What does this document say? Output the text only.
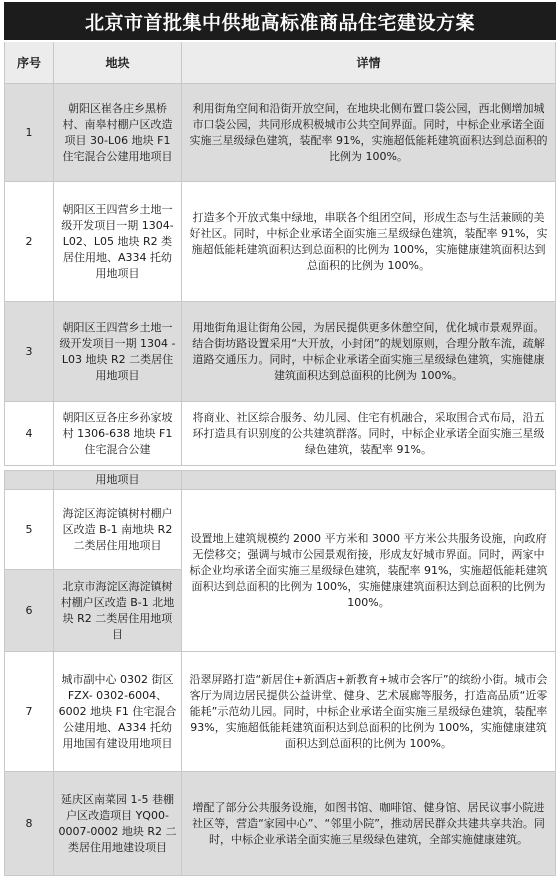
北京市首批集中供地高标准商品住宅建设方案
序号	地块	详情
1
朝阳区崔各庄乡黑桥村、南皋村棚户区改造项目 30-L06 地块 F1 住宅混合公建用地项目
利用街角空间和沿街开放空间，在地块北侧布置口袋公园，西北侧增加城市口袋公园，共同形成积极城市公共空间界面。同时，中标企业承诺全面实施三星级绿色建筑，装配率 91%，实施超低能耗建筑面积达到总面积的比例为 100%。
2
朝阳区王四营乡土地一级开发项目一期 1304-L02、L05 地块 R2 类居住用地、A334 托幼用地项目
打造多个开放式集中绿地，串联各个组团空间，形成生态与生活兼顾的美好社区。同时，中标企业承诺全面实施三星级绿色建筑，装配率 91%，实施超低能耗建筑面积达到总面积的比例为 100%，实施健康建筑面积达到总面积的比例为 100%。
3
朝阳区王四营乡土地一级开发项目一期 1304 - L03 地块 R2 二类居住用地项目
用地街角退让街角公园，为居民提供更多休憩空间，优化城市景观界面。结合街坊路设置采用“大开放，小封闭”的规划原则，合理分散车流，疏解道路交通压力。同时，中标企业承诺全面实施三星级绿色建筑，实施健康建筑面积达到总面积的比例为 100%。
4
朝阳区豆各庄乡孙家坡村 1306-638 地块 F1 住宅混合公建
将商业、社区综合服务、幼儿园、住宅有机融合，采取围合式布局，沿五环打造具有识别度的公共建筑群落。同时，中标企业承诺全面实施三星级绿色建筑，装配率 91%。
用地项目
5
海淀区海淀镇树村棚户区改造 B-1 南地块 R2 二类居住用地项目
6
北京市海淀区海淀镇树村棚户区改造 B-1 北地块 R2 二类居住用地项目
设置地上建筑规模约 2000 平方米和 3000 平方米公共服务设施，向政府无偿移交；强调与城市公园景观衔接，形成友好城市界面。同时，两家中标企业均承诺全面实施三星级绿色建筑，装配率 91%，实施超低能耗建筑面积达到总面积的比例为 100%，实施健康建筑面积达到总面积的比例为 100%。
7
城市副中心 0302 街区 FZX- 0302-6004、6002 地块 F1 住宅混合公建用地、A334 托幼用地国有建设用地项目
沿翠屏路打造“新居住+新酒店+新教育+城市会客厅”的缤纷小街。城市会客厅为周边居民提供公益讲堂、健身、艺术展廊等服务，打造高品质“近零能耗”示范幼儿园。同时，中标企业承诺全面实施三星级绿色建筑，装配率 93%，实施超低能耗建筑面积达到总面积的比例为 100%，实施健康建筑面积达到总面积的比例为 100%。
8
延庆区南菜园 1-5 巷棚户区改造项目 YQ00-0007-0002 地块 R2 二类居住用地建设项目
增配了部分公共服务设施，如图书馆、咖啡馆、健身馆、居民议事小院进社区等，营造“家园中心”、“邻里小院”，推动居民群众共建共享共治。同时，中标企业承诺全面实施三星级绿色建筑，全部实施健康建筑。
